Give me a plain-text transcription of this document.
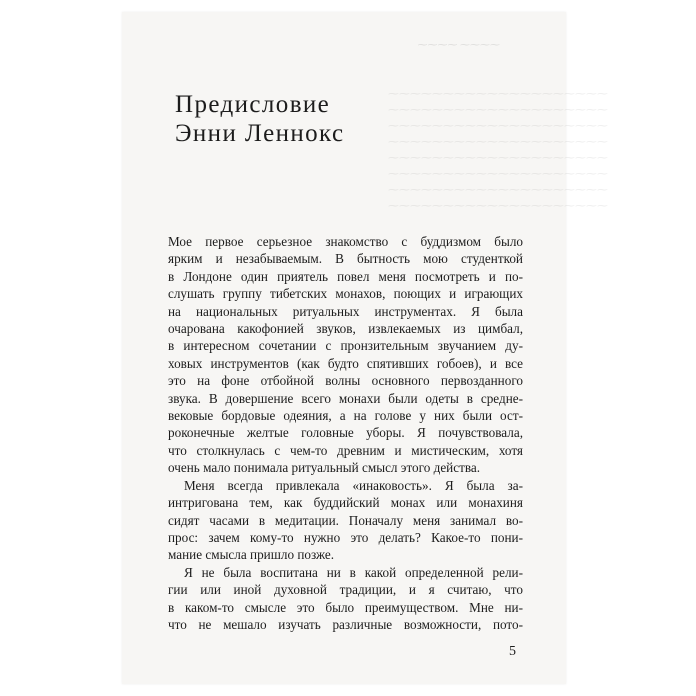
⁓⁓⁓⁓ ⁓⁓⁓⁓
⁓⁓⁓⁓⁓⁓⁓⁓⁓⁓⁓⁓⁓⁓⁓⁓⁓⁓⁓⁓
⁓⁓⁓⁓⁓⁓⁓⁓⁓⁓⁓⁓⁓⁓⁓⁓⁓⁓⁓⁓
⁓⁓⁓⁓⁓⁓⁓⁓⁓⁓⁓⁓⁓⁓⁓⁓⁓⁓⁓⁓
⁓⁓⁓⁓⁓⁓⁓⁓⁓⁓⁓⁓⁓⁓⁓⁓⁓⁓⁓⁓
⁓⁓⁓⁓⁓⁓⁓⁓⁓⁓⁓⁓⁓⁓⁓⁓⁓⁓⁓⁓
⁓⁓⁓⁓⁓⁓⁓⁓⁓⁓⁓⁓⁓⁓⁓⁓⁓⁓⁓⁓
⁓⁓⁓⁓⁓⁓⁓⁓⁓⁓⁓⁓⁓⁓⁓⁓⁓⁓⁓⁓
⁓⁓⁓⁓⁓⁓⁓⁓⁓⁓⁓⁓⁓⁓⁓⁓⁓⁓⁓⁓
Предисловие
Энни Леннокс
Мое первое серьезное знакомство с буддизмом было
ярким и незабываемым. В бытность мою студенткой
в Лондоне один приятель повел меня посмотреть и по-
слушать группу тибетских монахов, поющих и играющих
на национальных ритуальных инструментах. Я была
очарована какофонией звуков, извлекаемых из цимбал,
в интересном сочетании с пронзительным звучанием ду-
ховых инструментов (как будто спятивших гобоев), и все
это на фоне отбойной волны основного первозданного
звука. В довершение всего монахи были одеты в средне-
вековые бордовые одеяния, а на голове у них были ост-
роконечные желтые головные уборы. Я почувствовала,
что столкнулась с чем-то древним и мистическим, хотя
очень мало понимала ритуальный смысл этого действа.
Меня всегда привлекала «инаковость». Я была за-
интригована тем, как буддийский монах или монахиня
сидят часами в медитации. Поначалу меня занимал во-
прос: зачем кому-то нужно это делать? Какое-то пони-
мание смысла пришло позже.
Я не была воспитана ни в какой определенной рели-
гии или иной духовной традиции, и я считаю, что
в каком-то смысле это было преимуществом. Мне ни-
что не мешало изучать различные возможности, пото-
5
